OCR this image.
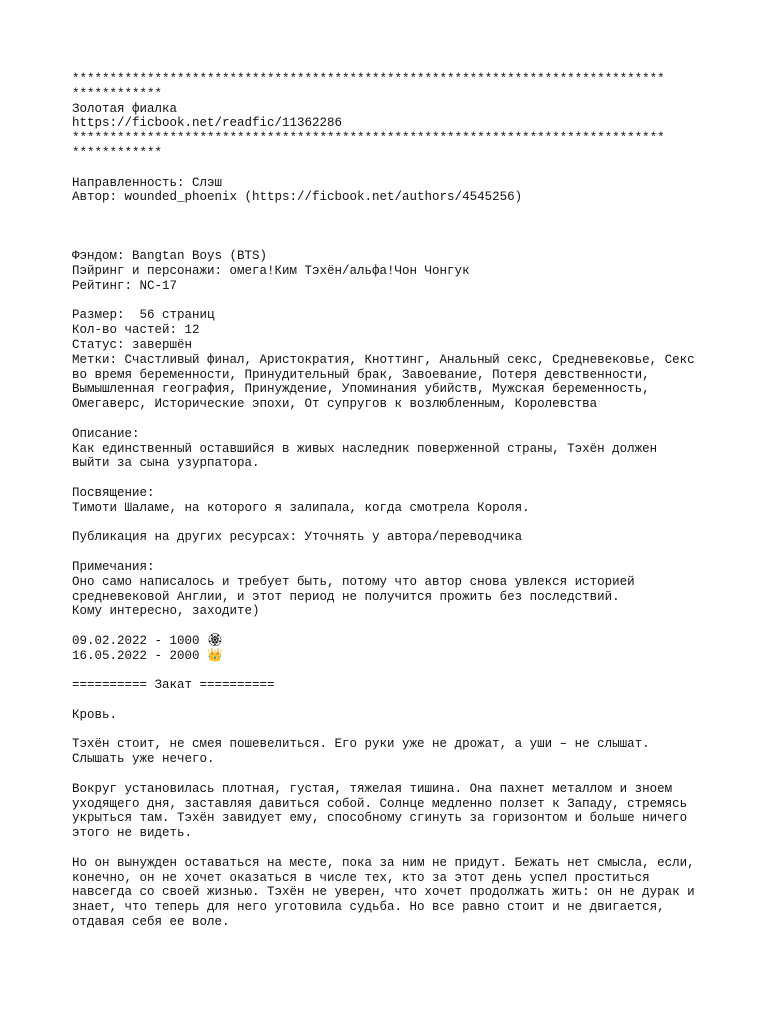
*******************************************************************************
************
Золотая фиалка
https://ficbook.net/readfic/11362286
*******************************************************************************
************
Направленность: Слэш
Автор: wounded_phoenix (https://ficbook.net/authors/4545256)
Фэндом: Bangtan Boys (BTS)
Пэйринг и персонажи: омега!Ким Тэхён/альфа!Чон Чонгук
Рейтинг: NC-17
Размер:  56 страниц
Кол-во частей: 12
Статус: завершён
Метки: Счастливый финал, Аристократия, Кноттинг, Анальный секс, Средневековье, Секс
во время беременности, Принудительный брак, Завоевание, Потеря девственности,
Вымышленная география, Принуждение, Упоминания убийств, Мужская беременность,
Омегаверс, Исторические эпохи, От супругов к возлюбленным, Королевства
Описание:
Как единственный оставшийся в живых наследник поверженной страны, Тэхён должен
выйти за сына узурпатора.
Посвящение:
Тимоти Шаламе, на которого я залипала, когда смотрела Короля.
Публикация на других ресурсах: Уточнять у автора/переводчика
Примечания:
Оно само написалось и требует быть, потому что автор снова увлекся историей
средневековой Англии, и этот период не получится прожить без последствий.
Кому интересно, заходите)
09.02.2022 - 1000 🏵
16.05.2022 - 2000 👑
========== Закат ==========
Кровь.
Тэхён стоит, не смея пошевелиться. Его руки уже не дрожат, а уши – не слышат.
Слышать уже нечего.
Вокруг установилась плотная, густая, тяжелая тишина. Она пахнет металлом и зноем
уходящего дня, заставляя давиться собой. Солнце медленно ползет к Западу, стремясь
укрыться там. Тэхён завидует ему, способному сгинуть за горизонтом и больше ничего
этого не видеть.
Но он вынужден оставаться на месте, пока за ним не придут. Бежать нет смысла, если,
конечно, он не хочет оказаться в числе тех, кто за этот день успел проститься
навсегда со своей жизнью. Тэхён не уверен, что хочет продолжать жить: он не дурак и
знает, что теперь для него уготовила судьба. Но все равно стоит и не двигается,
отдавая себя ее воле.
